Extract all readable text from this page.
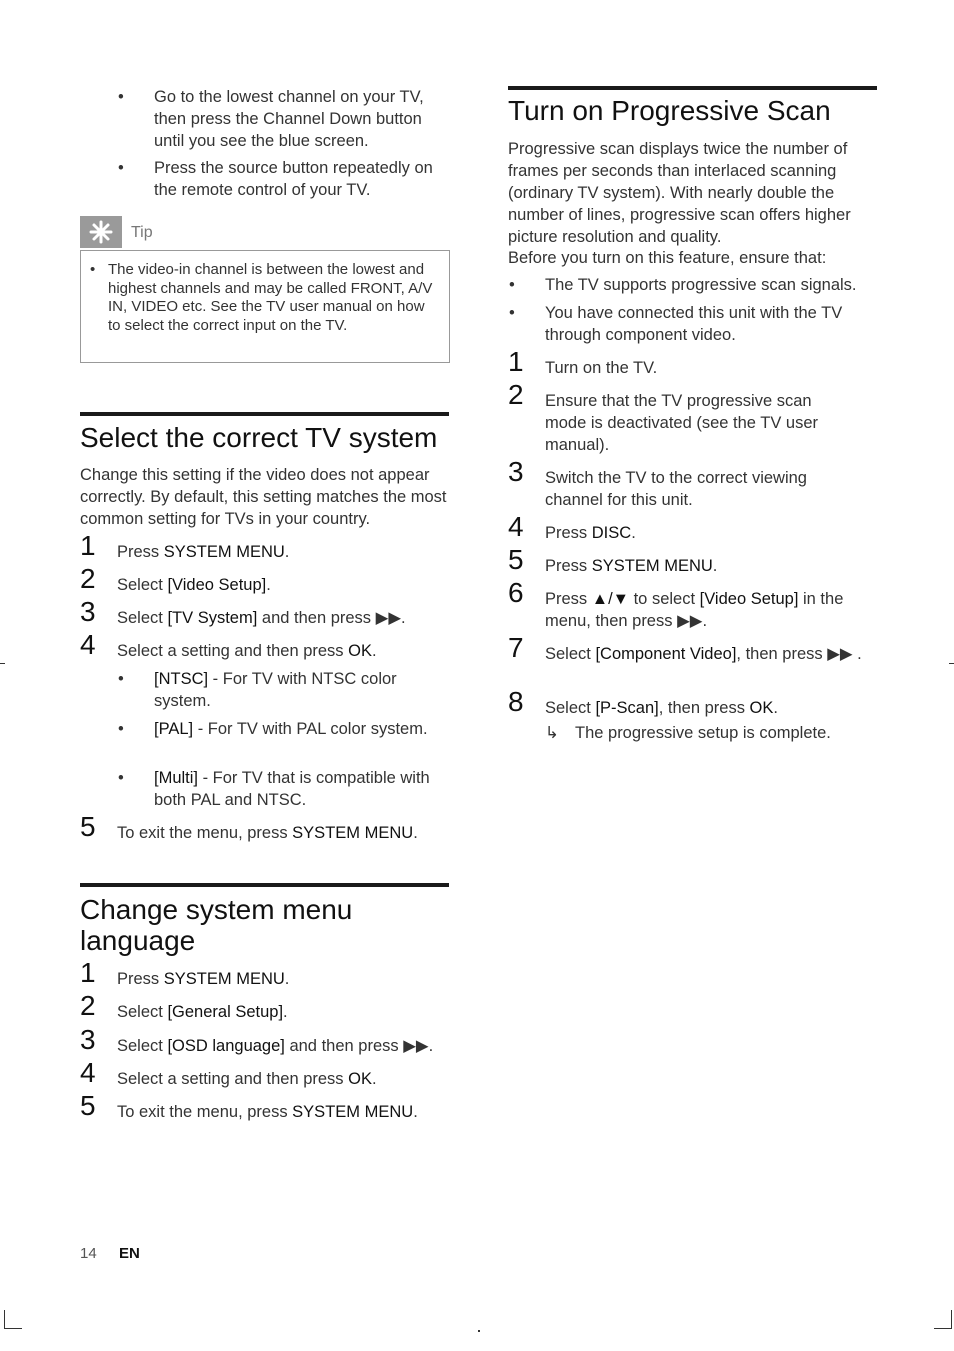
• Go to the lowest channel on your TV, then press the Channel Down button until you see the blue screen.
• Press the source button repeatedly on the remote control of your TV.
Tip
• The video-in channel is between the lowest and highest channels and may be called FRONT, A/V IN, VIDEO etc. See the TV user manual on how to select the correct input on the TV.
Select the correct TV system
Change this setting if the video does not appear correctly. By default, this setting matches the most common setting for TVs in your country.
1 Press SYSTEM MENU.
2 Select [Video Setup].
3 Select [TV System] and then press ▶▶.
4 Select a setting and then press OK.
• [NTSC] - For TV with NTSC color system.
• [PAL] - For TV with PAL color system.
• [Multi] - For TV that is compatible with both PAL and NTSC.
5 To exit the menu, press SYSTEM MENU.
Change system menu
language
1 Press SYSTEM MENU.
2 Select [General Setup].
3 Select [OSD language] and then press ▶▶.
4 Select a setting and then press OK.
5 To exit the menu, press SYSTEM MENU.
Turn on Progressive Scan
Progressive scan displays twice the number of frames per seconds than interlaced scanning (ordinary TV system). With nearly double the number of lines, progressive scan offers higher picture resolution and quality.
Before you turn on this feature, ensure that:
• The TV supports progressive scan signals.
• You have connected this unit with the TV through component video.
1 Turn on the TV.
2 Ensure that the TV progressive scan mode is deactivated (see the TV user manual).
3 Switch the TV to the correct viewing channel for this unit.
4 Press DISC.
5 Press SYSTEM MENU.
6 Press ▲/▼ to select [Video Setup] in the menu, then press ▶▶.
7 Select [Component Video], then press ▶▶ .
8 Select [P-Scan], then press OK.
↳ The progressive setup is complete.
14 EN
